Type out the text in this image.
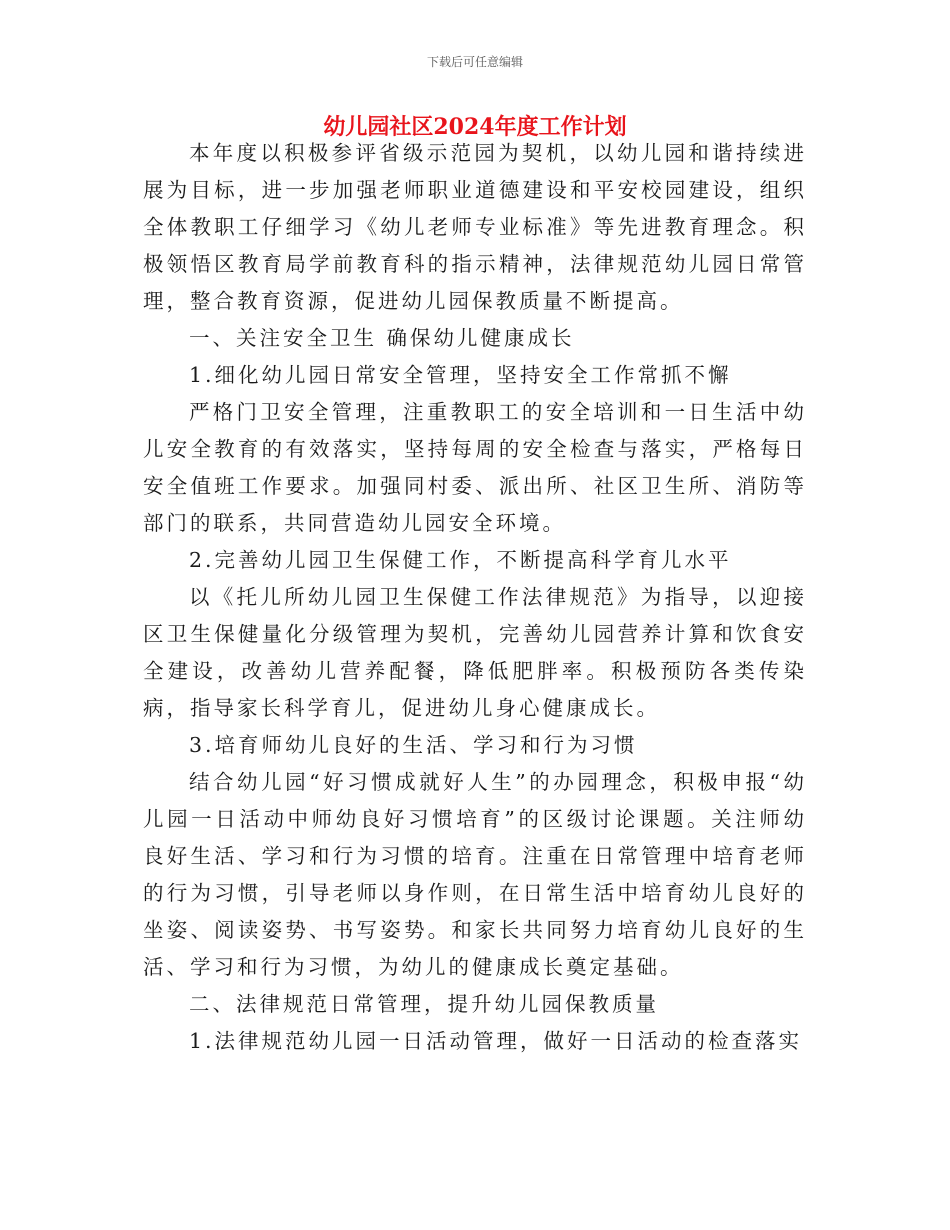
下载后可任意编辑
幼儿园社区2024年度工作计划

本年度以积极参评省级示范园为契机，以幼儿园和谐持续进展为目标，进一步加强老师职业道德建设和平安校园建设，组织全体教职工仔细学习《幼儿老师专业标准》等先进教育理念。积极领悟区教育局学前教育科的指示精神，法律规范幼儿园日常管理，整合教育资源，促进幼儿园保教质量不断提高。

一、关注安全卫生 确保幼儿健康成长

1.细化幼儿园日常安全管理，坚持安全工作常抓不懈

严格门卫安全管理，注重教职工的安全培训和一日生活中幼儿安全教育的有效落实，坚持每周的安全检查与落实，严格每日安全值班工作要求。加强同村委、派出所、社区卫生所、消防等部门的联系，共同营造幼儿园安全环境。

2.完善幼儿园卫生保健工作，不断提高科学育儿水平

以《托儿所幼儿园卫生保健工作法律规范》为指导，以迎接区卫生保健量化分级管理为契机，完善幼儿园营养计算和饮食安全建设，改善幼儿营养配餐，降低肥胖率。积极预防各类传染病，指导家长科学育儿，促进幼儿身心健康成长。

3.培育师幼儿良好的生活、学习和行为习惯

结合幼儿园“好习惯成就好人生”的办园理念，积极申报“幼儿园一日活动中师幼良好习惯培育”的区级讨论课题。关注师幼良好生活、学习和行为习惯的培育。注重在日常管理中培育老师的行为习惯，引导老师以身作则，在日常生活中培育幼儿良好的坐姿、阅读姿势、书写姿势。和家长共同努力培育幼儿良好的生活、学习和行为习惯，为幼儿的健康成长奠定基础。

二、法律规范日常管理，提升幼儿园保教质量

1.法律规范幼儿园一日活动管理，做好一日活动的检查落实
